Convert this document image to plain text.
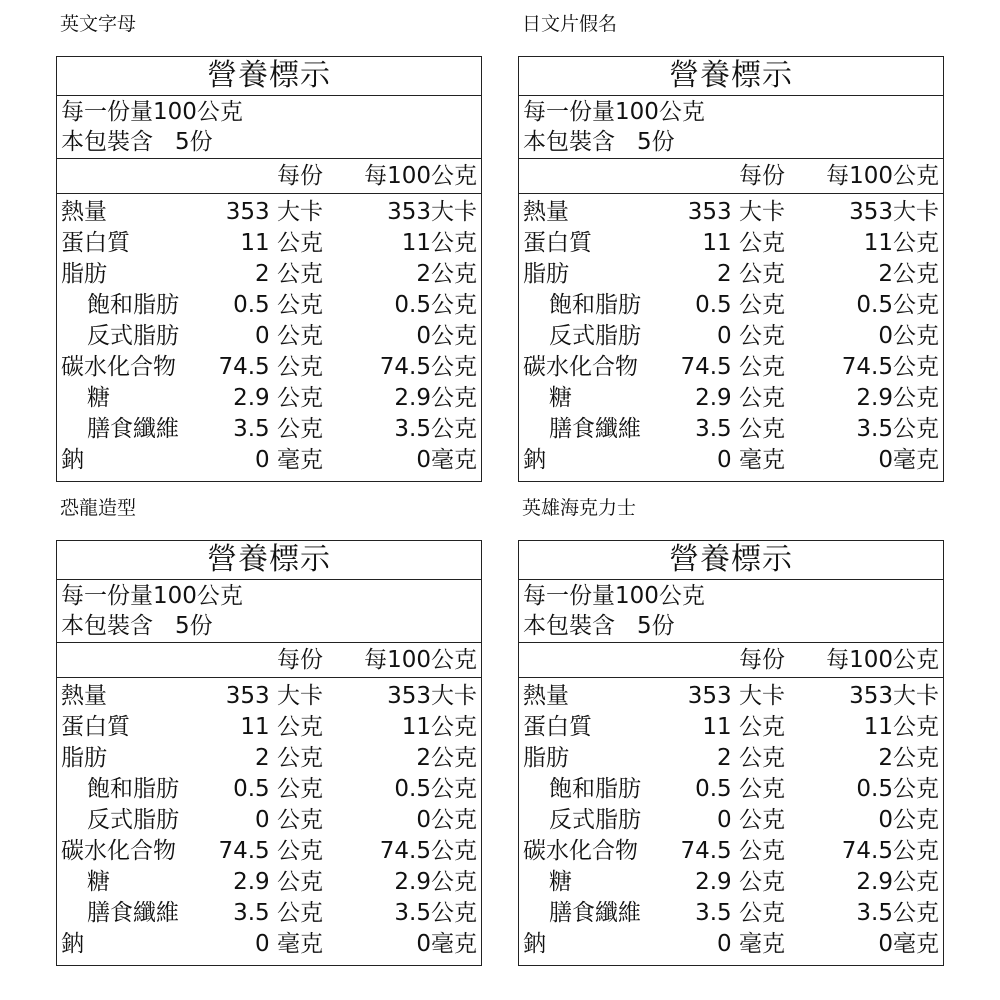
英文字母
營養標示
每一份量100公克
本包裝含 5份
每份 每100公克
熱量	353 大卡	353大卡
蛋白質	11 公克	11公克
脂肪	2 公克	2公克
飽和脂肪 0.5 公克	0.5公克
反式脂肪	0 公克	0公克
碳水化合物 74.5 公克 74.5公克
糖	2.9 公克	2.9公克
膳食纖維 3.5 公克	3.5公克
鈉	0 毫克	0毫克
日文片假名
營養標示
每一份量100公克
本包裝含 5份
每份 每100公克
熱量	353 大卡	353大卡
蛋白質	11 公克	11公克
脂肪	2 公克	2公克
飽和脂肪 0.5 公克	0.5公克
反式脂肪	0 公克	0公克
碳水化合物 74.5 公克 74.5公克
糖	2.9 公克	2.9公克
膳食纖維 3.5 公克	3.5公克
鈉	0 毫克	0毫克
恐龍造型
營養標示
每一份量100公克
本包裝含 5份
每份 每100公克
熱量	353 大卡	353大卡
蛋白質	11 公克	11公克
脂肪	2 公克	2公克
飽和脂肪 0.5 公克	0.5公克
反式脂肪	0 公克	0公克
碳水化合物 74.5 公克 74.5公克
糖	2.9 公克	2.9公克
膳食纖維 3.5 公克	3.5公克
鈉	0 毫克	0毫克
英雄海克力士
營養標示
每一份量100公克
本包裝含 5份
每份 每100公克
熱量	353 大卡	353大卡
蛋白質	11 公克	11公克
脂肪	2 公克	2公克
飽和脂肪 0.5 公克	0.5公克
反式脂肪	0 公克	0公克
碳水化合物 74.5 公克 74.5公克
糖	2.9 公克	2.9公克
膳食纖維 3.5 公克	3.5公克
鈉	0 毫克	0毫克
